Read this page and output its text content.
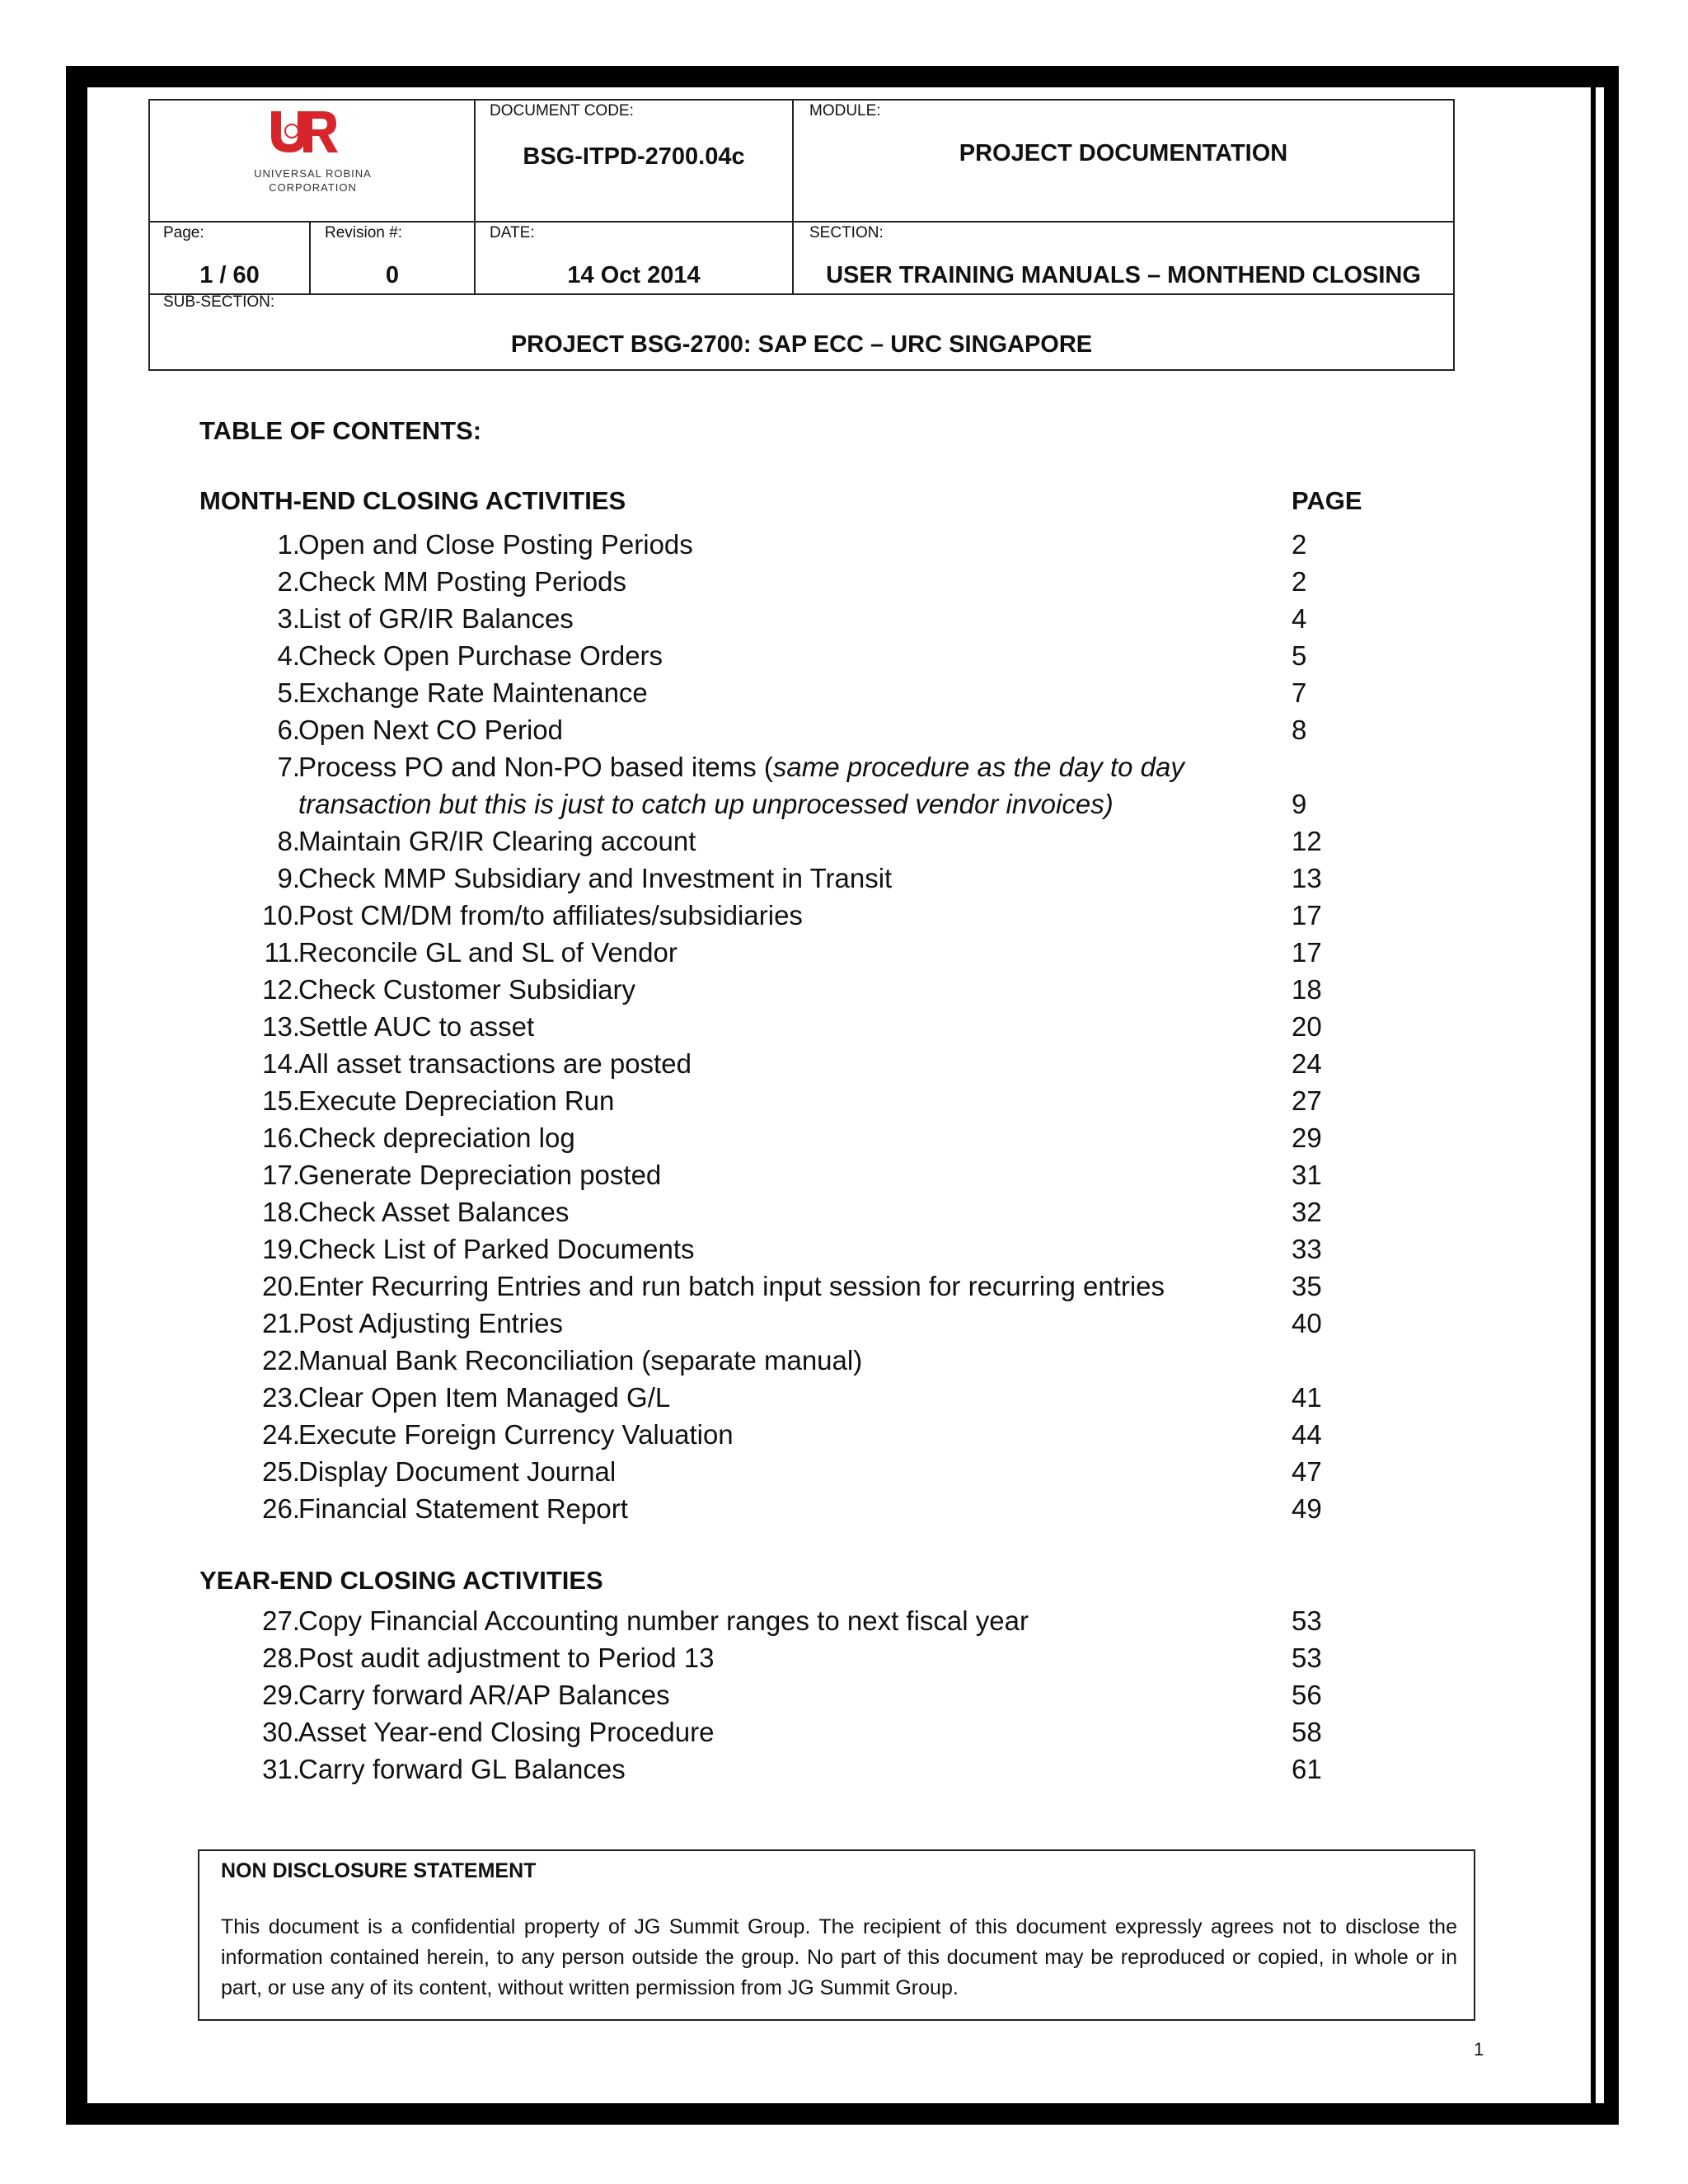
UNIVERSAL ROBINA
CORPORATION
DOCUMENT CODE:
BSG-ITPD-2700.04c
MODULE:
PROJECT DOCUMENTATION
Page:
1 / 60
Revision #:
0
DATE:
14 Oct 2014
SECTION:
USER TRAINING MANUALS – MONTHEND CLOSING
SUB-SECTION:
PROJECT BSG-2700: SAP ECC – URC SINGAPORE
TABLE OF CONTENTS:
MONTH-END CLOSING ACTIVITIES	PAGE
1.
Open and Close Posting Periods	2
2.
Check MM Posting Periods	2
3.
List of GR/IR Balances	4
4.
Check Open Purchase Orders	5
5.
Exchange Rate Maintenance	7
6.
Open Next CO Period	8
7.
Process PO and Non-PO based items (same procedure as the day to day
transaction but this is just to catch up unprocessed vendor invoices)	9
8.
Maintain GR/IR Clearing account	12
9.
Check MMP Subsidiary and Investment in Transit	13
10.
Post CM/DM from/to affiliates/subsidiaries	17
11.
Reconcile GL and SL of Vendor	17
12.
Check Customer Subsidiary	18
13.
Settle AUC to asset	20
14.
All asset transactions are posted	24
15.
Execute Depreciation Run	27
16.
Check depreciation log	29
17.
Generate Depreciation posted	31
18.
Check Asset Balances	32
19.
Check List of Parked Documents	33
20.
Enter Recurring Entries and run batch input session for recurring entries	35
21.
Post Adjusting Entries	40
22.
Manual Bank Reconciliation (separate manual)
23.
Clear Open Item Managed G/L	41
24.
Execute Foreign Currency Valuation	44
25.
Display Document Journal	47
26.
Financial Statement Report	49
YEAR-END CLOSING ACTIVITIES
27.
Copy Financial Accounting number ranges to next fiscal year	53
28.
Post audit adjustment to Period 13	53
29.
Carry forward AR/AP Balances	56
30.
Asset Year-end Closing Procedure	58
31.
Carry forward GL Balances	61
NON DISCLOSURE STATEMENT
This document is a confidential property of JG Summit Group. The recipient of this document expressly agrees not to disclose the information contained herein, to any person outside the group. No part of this document may be reproduced or copied, in whole or in part, or use any of its content, without written permission from JG Summit Group.
1
